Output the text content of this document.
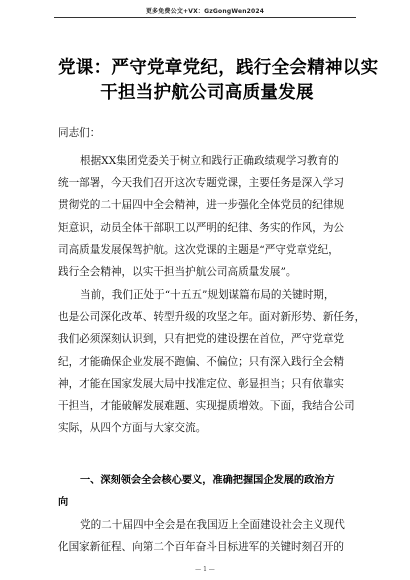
更多免费公文+VX：GzGongWen2024
党课：严守党章党纪，践行全会精神以实
干担当护航公司高质量发展
同志们：
根据XX集团党委关于树立和践行正确政绩观学习教育的
统一部署，今天我们召开这次专题党课，主要任务是深入学习
贯彻党的二十届四中全会精神，进一步强化全体党员的纪律规
矩意识，动员全体干部职工以严明的纪律、务实的作风，为公
司高质量发展保驾护航。这次党课的主题是“严守党章党纪，
践行全会精神，以实干担当护航公司高质量发展”。
当前，我们正处于“十五五”规划谋篇布局的关键时期，
也是公司深化改革、转型升级的攻坚之年。面对新形势、新任务，
我们必须深刻认识到，只有把党的建设摆在首位，严守党章党
纪，才能确保企业发展不跑偏、不偏位；只有深入践行全会精
神，才能在国家发展大局中找准定位、彰显担当；只有依靠实
干担当，才能破解发展难题、实现提质增效。下面，我结合公司
实际，从四个方面与大家交流。
一、深刻领会全会核心要义，准确把握国企发展的政治方
向
党的二十届四中全会是在我国迈上全面建设社会主义现代
化国家新征程、向第二个百年奋斗目标进军的关键时刻召开的
— 1 —
